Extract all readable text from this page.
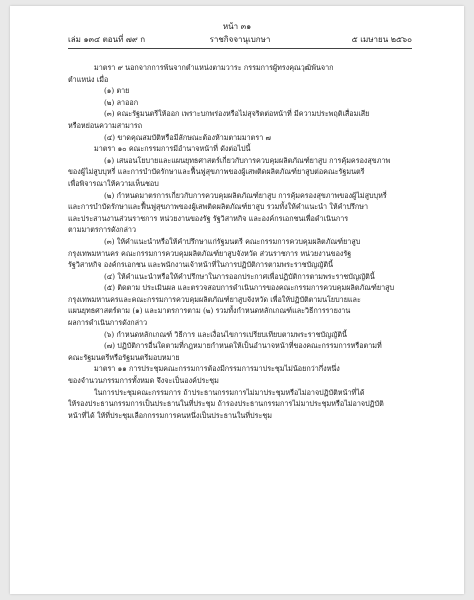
หน้า ๓๑
เล่ม ๑๓๔ ตอนที่ ๗๙ ก	ราชกิจจานุเบกษา	๕ เมษายน ๒๕๖๐

มาตรา ๙ นอกจากการพ้นจากตำแหน่งตามวาระ กรรมการผู้ทรงคุณวุฒิพ้นจาก

ตำแหน่ง เมื่อ

(๑) ตาย

(๒) ลาออก

(๓) คณะรัฐมนตรีให้ออก เพราะบกพร่องหรือไม่สุจริตต่อหน้าที่ มีความประพฤติเสื่อมเสีย

หรือหย่อนความสามารถ

(๔) ขาดคุณสมบัติหรือมีลักษณะต้องห้ามตามมาตรา ๗

มาตรา ๑๐ คณะกรรมการมีอำนาจหน้าที่ ดังต่อไปนี้

(๑) เสนอนโยบายและแผนยุทธศาสตร์เกี่ยวกับการควบคุมผลิตภัณฑ์ยาสูบ การคุ้มครองสุขภาพ

ของผู้ไม่สูบบุหรี่ และการบำบัดรักษาและฟื้นฟูสุขภาพของผู้เสพติดผลิตภัณฑ์ยาสูบต่อคณะรัฐมนตรี

เพื่อพิจารณาให้ความเห็นชอบ

(๒) กำหนดมาตรการเกี่ยวกับการควบคุมผลิตภัณฑ์ยาสูบ การคุ้มครองสุขภาพของผู้ไม่สูบบุหรี่

และการบำบัดรักษาและฟื้นฟูสุขภาพของผู้เสพติดผลิตภัณฑ์ยาสูบ รวมทั้งให้คำแนะนำ ให้คำปรึกษา

และประสานงานส่วนราชการ หน่วยงานของรัฐ รัฐวิสาหกิจ และองค์กรเอกชนเพื่อดำเนินการ

ตามมาตรการดังกล่าว

(๓) ให้คำแนะนำหรือให้คำปรึกษาแก่รัฐมนตรี คณะกรรมการควบคุมผลิตภัณฑ์ยาสูบ

กรุงเทพมหานคร คณะกรรมการควบคุมผลิตภัณฑ์ยาสูบจังหวัด ส่วนราชการ หน่วยงานของรัฐ

รัฐวิสาหกิจ องค์กรเอกชน และพนักงานเจ้าหน้าที่ในการปฏิบัติการตามพระราชบัญญัตินี้

(๔) ให้คำแนะนำหรือให้คำปรึกษาในการออกประกาศเพื่อปฏิบัติการตามพระราชบัญญัตินี้

(๕) ติดตาม ประเมินผล และตรวจสอบการดำเนินการของคณะกรรมการควบคุมผลิตภัณฑ์ยาสูบ

กรุงเทพมหานครและคณะกรรมการควบคุมผลิตภัณฑ์ยาสูบจังหวัด เพื่อให้ปฏิบัติตามนโยบายและ

แผนยุทธศาสตร์ตาม (๑) และมาตรการตาม (๒) รวมทั้งกำหนดหลักเกณฑ์และวิธีการรายงาน

ผลการดำเนินการดังกล่าว

(๖) กำหนดหลักเกณฑ์ วิธีการ และเงื่อนไขการเปรียบเทียบตามพระราชบัญญัตินี้

(๗) ปฏิบัติการอื่นใดตามที่กฎหมายกำหนดให้เป็นอำนาจหน้าที่ของคณะกรรมการหรือตามที่

คณะรัฐมนตรีหรือรัฐมนตรีมอบหมาย

มาตรา ๑๑ การประชุมคณะกรรมการต้องมีกรรมการมาประชุมไม่น้อยกว่ากึ่งหนึ่ง

ของจำนวนกรรมการทั้งหมด จึงจะเป็นองค์ประชุม

ในการประชุมคณะกรรมการ ถ้าประธานกรรมการไม่มาประชุมหรือไม่อาจปฏิบัติหน้าที่ได้

ให้รองประธานกรรมการเป็นประธานในที่ประชุม ถ้ารองประธานกรรมการไม่มาประชุมหรือไม่อาจปฏิบัติ

หน้าที่ได้ ให้ที่ประชุมเลือกกรรมการคนหนึ่งเป็นประธานในที่ประชุม
